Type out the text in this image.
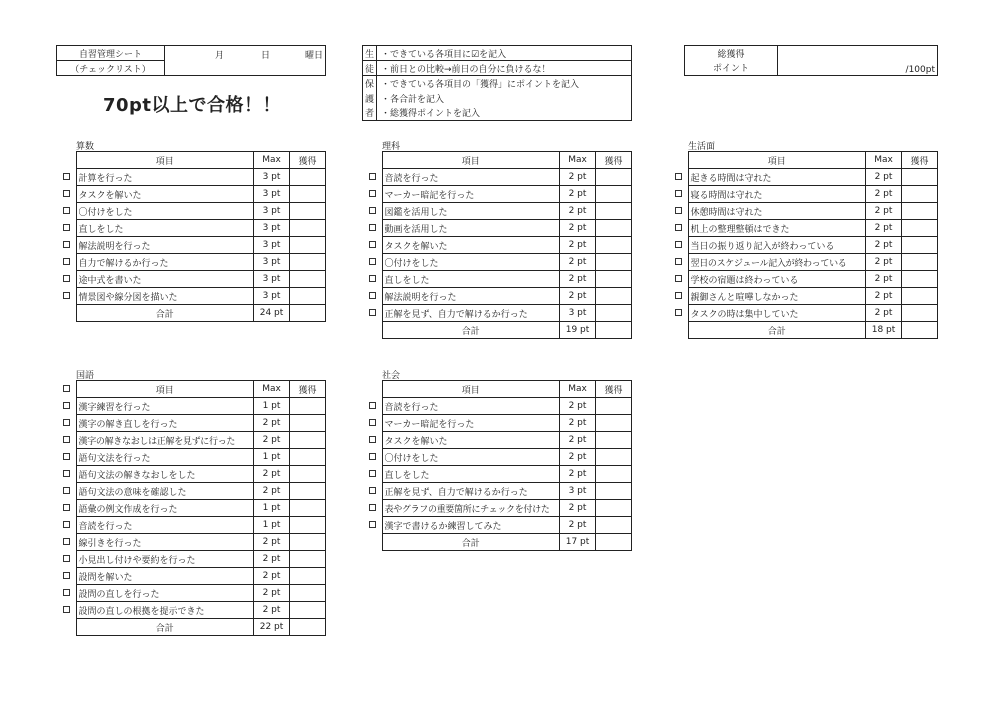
自習管理シート	月	日	曜日

（チェックリスト）
生	・できている各項目に☑を記入
徒	・前日との比較→前日の自分に負けるな！
保	・できている各項目の「獲得」にポイントを記入
護	・各合計を記入
者	・総獲得ポイントを記入
総獲得	/100pt
ポイント
70pt以上で合格！！
算数
	項目	Max	獲得
	計算を行った	3 pt	
	タスクを解いた	3 pt	
	〇付けをした	3 pt	
	直しをした	3 pt	
	解法説明を行った	3 pt	
	自力で解けるか行った	3 pt	
	途中式を書いた	3 pt	
	情景図や線分図を描いた	3 pt	
	合計	24 pt	
理科
	項目	Max	獲得
	音読を行った	2 pt	
	マーカー暗記を行った	2 pt	
	図鑑を活用した	2 pt	
	動画を活用した	2 pt	
	タスクを解いた	2 pt	
	〇付けをした	2 pt	
	直しをした	2 pt	
	解法説明を行った	2 pt	
	正解を見ず、自力で解けるか行った	3 pt	
	合計	19 pt	
生活面
	項目	Max	獲得
	起きる時間は守れた	2 pt	
	寝る時間は守れた	2 pt	
	休憩時間は守れた	2 pt	
	机上の整理整頓はできた	2 pt	
	当日の振り返り記入が終わっている	2 pt	
	翌日のスケジュール記入が終わっている	2 pt	
	学校の宿題は終わっている	2 pt	
	親御さんと喧嘩しなかった	2 pt	
	タスクの時は集中していた	2 pt	
	合計	18 pt	
国語
	項目	Max	獲得
	漢字練習を行った	1 pt	
	漢字の解き直しを行った	2 pt	
	漢字の解きなおしは正解を見ずに行った	2 pt	
	語句文法を行った	1 pt	
	語句文法の解きなおしをした	2 pt	
	語句文法の意味を確認した	2 pt	
	語彙の例文作成を行った	1 pt	
	音読を行った	1 pt	
	線引きを行った	2 pt	
	小見出し付けや要約を行った	2 pt	
	設問を解いた	2 pt	
	設問の直しを行った	2 pt	
	設問の直しの根拠を提示できた	2 pt	
	合計	22 pt	
社会
	項目	Max	獲得
	音読を行った	2 pt	
	マーカー暗記を行った	2 pt	
	タスクを解いた	2 pt	
	〇付けをした	2 pt	
	直しをした	2 pt	
	正解を見ず、自力で解けるか行った	3 pt	
	表やグラフの重要箇所にチェックを付けた	2 pt	
	漢字で書けるか練習してみた	2 pt	
	合計	17 pt	
